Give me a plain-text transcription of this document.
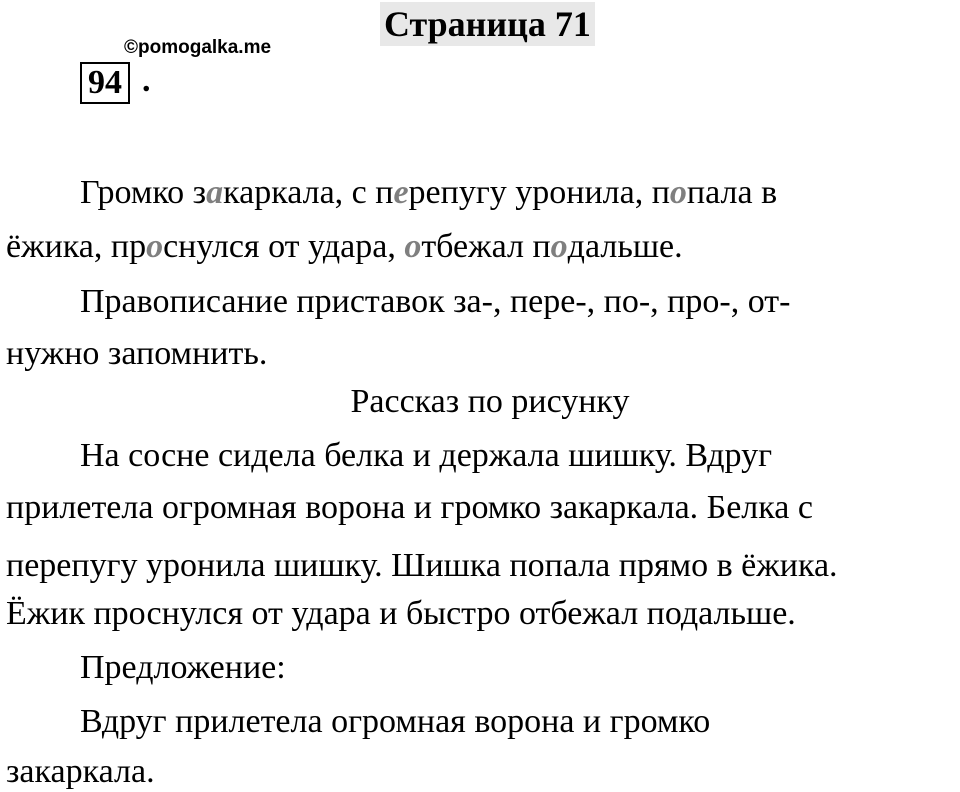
Страница 71
©pomogalka.me
94 .
Громко закаркала, с перепугу уронила, попала в
ёжика, проснулся от удара, отбежал подальше.
Правописание приставок за-, пере-, по-, про-, от-
нужно запомнить.
Рассказ по рисунку
На сосне сидела белка и держала шишку. Вдруг
прилетела огромная ворона и громко закаркала. Белка с
перепугу уронила шишку. Шишка попала прямо в ёжика.
Ёжик проснулся от удара и быстро отбежал подальше.
Предложение:
Вдруг прилетела огромная ворона и громко
закаркала.
